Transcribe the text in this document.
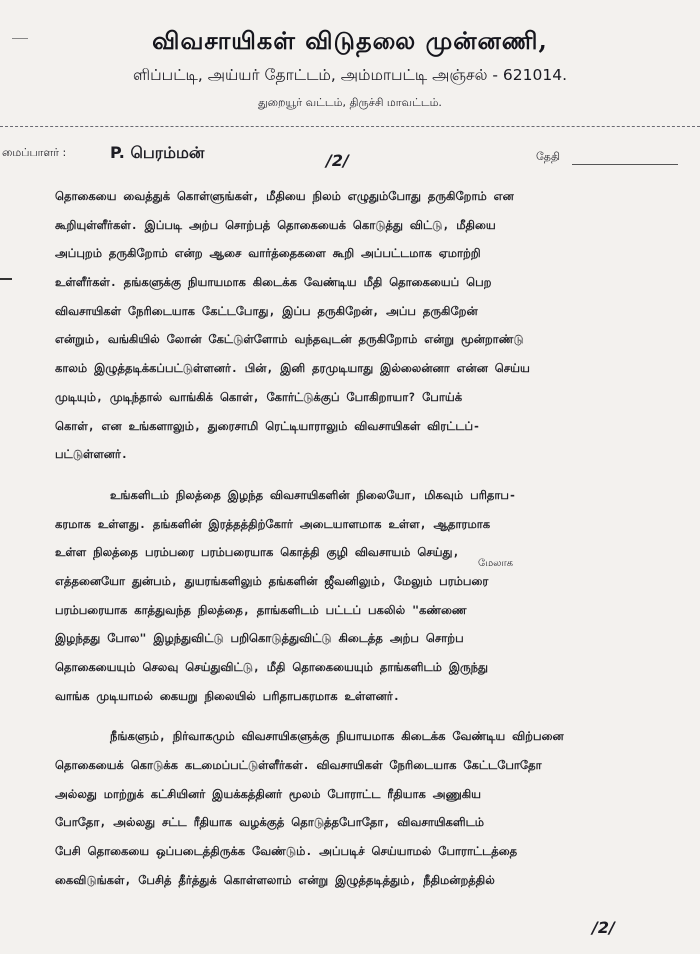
விவசாயிகள் விடுதலை முன்னணி,
ளிப்பட்டி, அய்யர் தோட்டம், அம்மாபட்டி அஞ்சல் - 621014.
துறையூர் வட்டம், திருச்சி மாவட்டம்.
மைப்பாளர் :	P. பெரம்மன்	/2/	தேதி
தொகையை வைத்துக் கொள்ளுங்கள், மீதியை நிலம் எழுதும்போது தருகிறோம் என
கூறியுள்ளீர்கள். இப்படி அற்ப சொற்பத் தொகையைக் கொடுத்து விட்டு, மீதியை
அப்புறம் தருகிறோம் என்ற ஆசை வார்த்தைகளை கூறி அப்பட்டமாக ஏமாற்றி
உள்ளீர்கள். தங்களுக்கு நியாயமாக கிடைக்க வேண்டிய மீதி தொகையைப் பெற
விவசாயிகள் நேரிடையாக கேட்டபோது, இப்ப தருகிறேன், அப்ப தருகிறேன்
என்றும், வங்கியில் லோன் கேட்டுள்ளோம் வந்தவுடன் தருகிறோம் என்று மூன்றாண்டு
காலம் இழுத்தடிக்கப்பட்டுள்ளனர். பின், இனி தரமுடியாது இல்லைன்னா என்ன செய்ய
முடியும், முடிந்தால் வாங்கிக் கொள், கோர்ட்டுக்குப் போகிறாயா? போய்க்
கொள், என உங்களாலும், துரைசாமி ரெட்டியாராலும் விவசாயிகள் விரட்டப்-
பட்டுள்ளனர்.
உங்களிடம் நிலத்தை இழந்த விவசாயிகளின் நிலையோ, மிகவும் பரிதாப-
கரமாக உள்ளது. தங்களின் இரத்தத்திற்கோர் அடையாளமாக உள்ள, ஆதாரமாக
உள்ள நிலத்தை பரம்பரை பரம்பரையாக கொத்தி குழி விவசாயம் செய்து,
எத்தனையோ துன்பம், துயரங்களிலும் தங்களின் ஜீவனிலும், மேலும் பரம்பரை
பரம்பரையாக காத்துவந்த நிலத்தை, தாங்களிடம் பட்டப் பகலில் "கண்ணை
இழந்தது போல" இழந்துவிட்டு பறிகொடுத்துவிட்டு கிடைத்த அற்ப சொற்ப
தொகையையும் செலவு செய்துவிட்டு, மீதி தொகையையும் தாங்களிடம் இருந்து
வாங்க முடியாமல் கையறு நிலையில் பரிதாபகரமாக உள்ளனர்.
நீங்களும், நிர்வாகமும் விவசாயிகளுக்கு நியாயமாக கிடைக்க வேண்டிய விற்பனை
தொகையைக் கொடுக்க கடமைப்பட்டுள்ளீர்கள். விவசாயிகள் நேரிடையாக கேட்டபோதோ
அல்லது மாற்றுக் கட்சியினர் இயக்கத்தினர் மூலம் போராட்ட ரீதியாக அணுகிய
போதோ, அல்லது சட்ட ரீதியாக வழக்குத் தொடுத்தபோதோ, விவசாயிகளிடம்
பேசி தொகையை ஒப்படைத்திருக்க வேண்டும். அப்படிச் செய்யாமல் போராட்டத்தை
கைவிடுங்கள், பேசித் தீர்த்துக் கொள்ளலாம் என்று இழுத்தடித்தும், நீதிமன்றத்தில்
மேலாக
/2/
